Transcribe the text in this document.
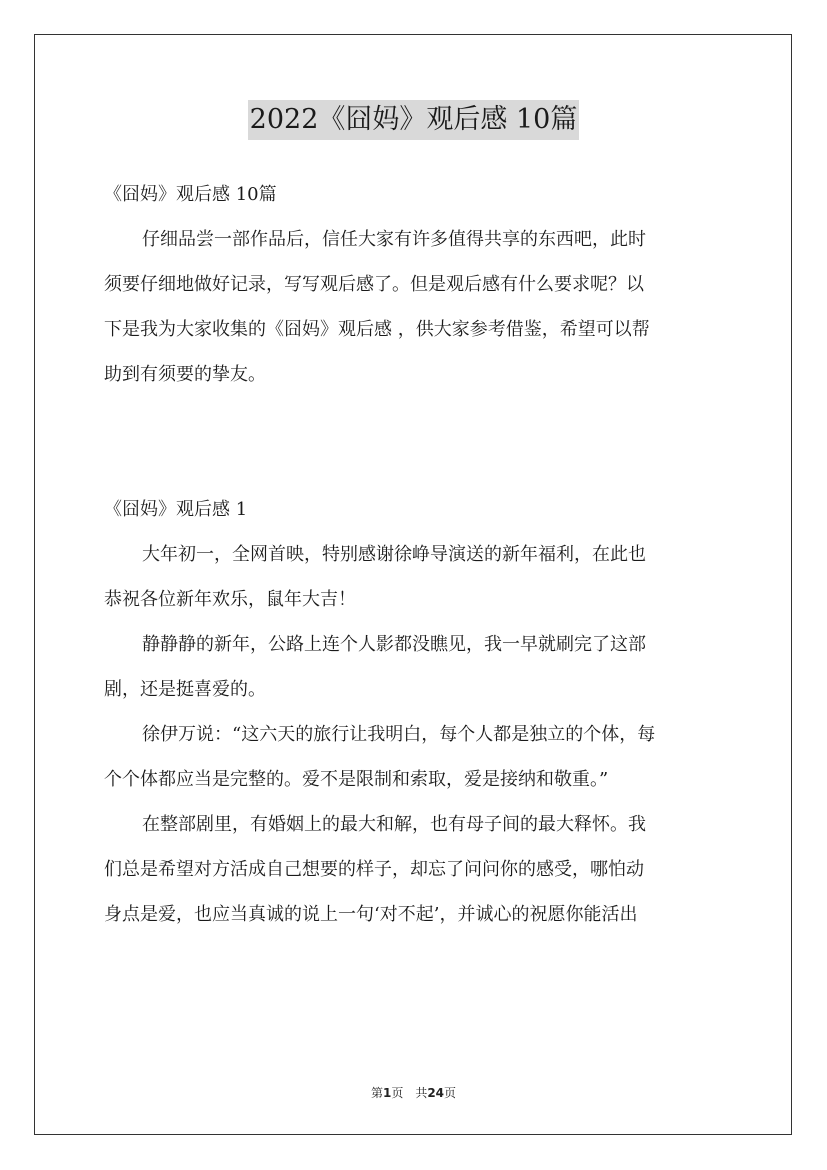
2022《囧妈》观后感 10篇

《囧妈》观后感 10篇

仔细品尝一部作品后，信任大家有许多值得共享的东西吧，此时

须要仔细地做好记录，写写观后感了。但是观后感有什么要求呢？以

下是我为大家收集的《囧妈》观后感 ，供大家参考借鉴，希望可以帮

助到有须要的挚友。

《囧妈》观后感 1

大年初一，全网首映，特别感谢徐峥导演送的新年福利，在此也

恭祝各位新年欢乐，鼠年大吉！

静静静的新年，公路上连个人影都没瞧见，我一早就刷完了这部

剧，还是挺喜爱的。

徐伊万说：“这六天的旅行让我明白，每个人都是独立的个体，每

个个体都应当是完整的。爱不是限制和索取，爱是接纳和敬重。”

在整部剧里，有婚姻上的最大和解，也有母子间的最大释怀。我

们总是希望对方活成自己想要的样子，却忘了问问你的感受，哪怕动

身点是爱，也应当真诚的说上一句‘对不起’，并诚心的祝愿你能活出

第1页　共24页
